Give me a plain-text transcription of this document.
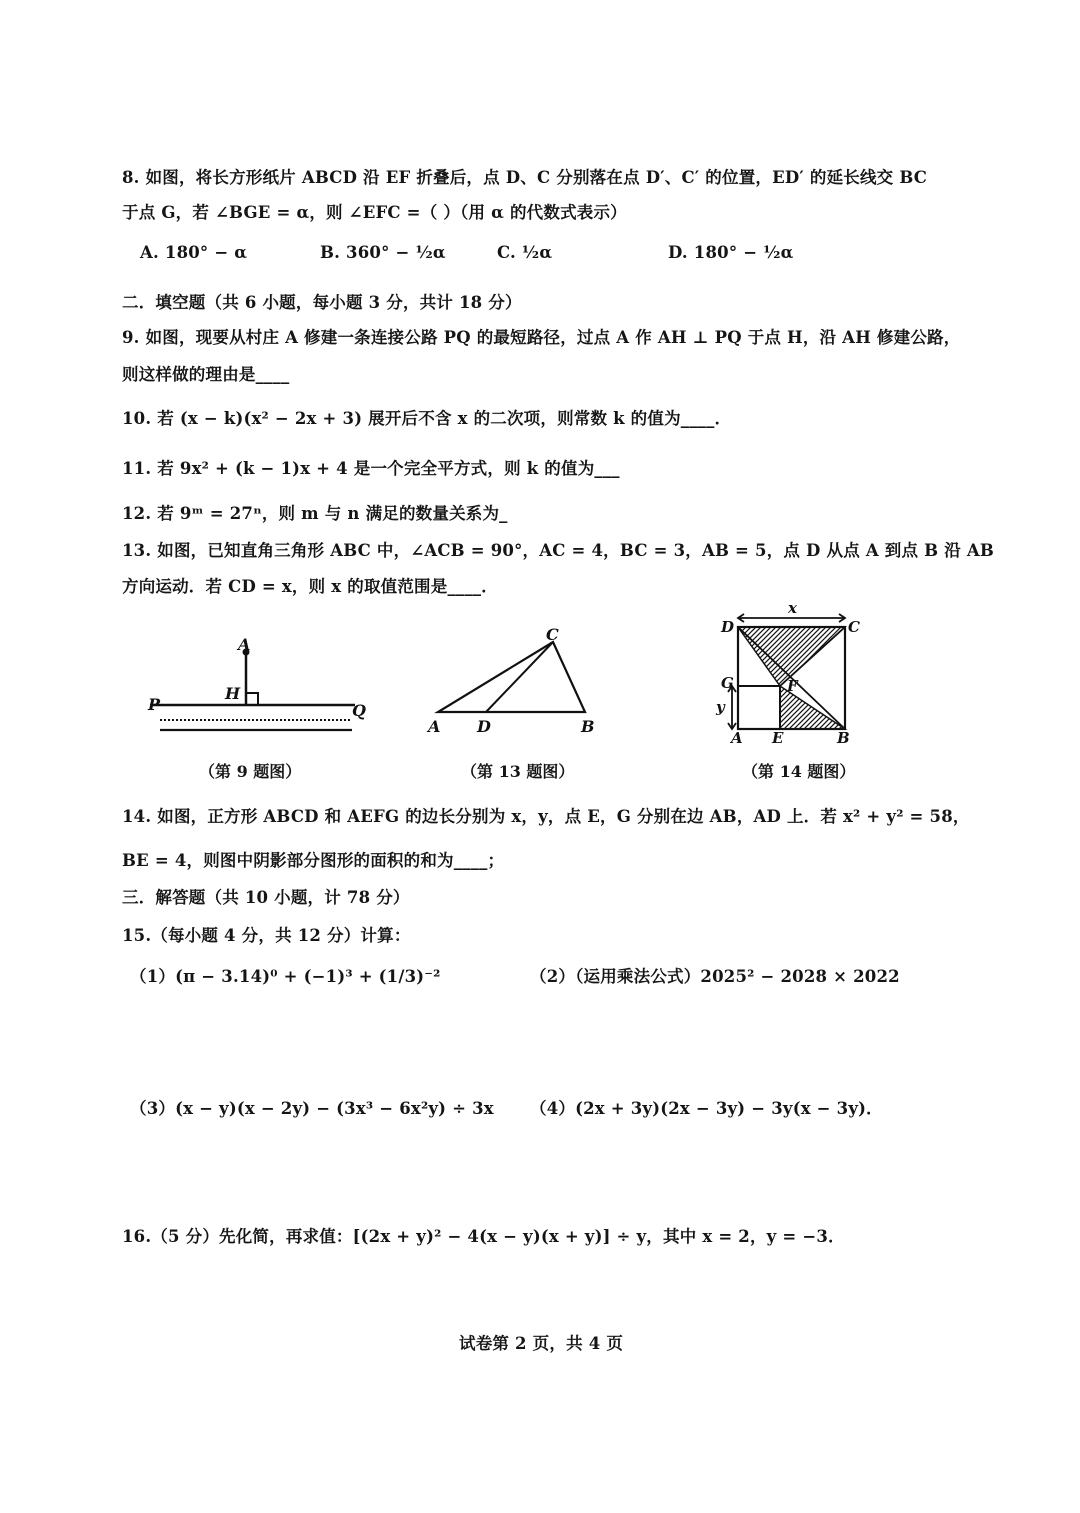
8. 如图，将长方形纸片 ABCD 沿 EF 折叠后，点 D、C 分别落在点 D′、C′ 的位置，ED′ 的延长线交 BC
于点 G，若 ∠BGE = α，则 ∠EFC =（ ）（用 α 的代数式表示）
A. 180° − α	B. 360° − ½α	C. ½α	D. 180° − ½α
二．填空题（共 6 小题，每小题 3 分，共计 18 分）
9. 如图，现要从村庄 A 修建一条连接公路 PQ 的最短路径，过点 A 作 AH ⊥ PQ 于点 H，沿 AH 修建公路，
则这样做的理由是____
10. 若 (x − k)(x² − 2x + 3) 展开后不含 x 的二次项，则常数 k 的值为____．
11. 若 9x² + (k − 1)x + 4 是一个完全平方式，则 k 的值为___
12. 若 9ᵐ = 27ⁿ，则 m 与 n 满足的数量关系为_
13. 如图，已知直角三角形 ABC 中，∠ACB = 90°，AC = 4，BC = 3，AB = 5，点 D 从点 A 到点 B 沿 AB
方向运动．若 CD = x，则 x 的取值范围是____．
A
H
P	Q
（第 9 题图）
A D	B
C
（第 13 题图）
x
y
D	C
G	F
A E	B
（第 14 题图）
14. 如图，正方形 ABCD 和 AEFG 的边长分别为 x，y，点 E，G 分别在边 AB，AD 上．若 x² + y² = 58，
BE = 4，则图中阴影部分图形的面积的和为____；
三．解答题（共 10 小题，计 78 分）
15.（每小题 4 分，共 12 分）计算：
（1）(π − 3.14)⁰ + (−1)³ + (1/3)⁻²	（2）（运用乘法公式）2025² − 2028 × 2022
（3）(x − y)(x − 2y) − (3x³ − 6x²y) ÷ 3x （4）(2x + 3y)(2x − 3y) − 3y(x − 3y)．
16.（5 分）先化简，再求值：[(2x + y)² − 4(x − y)(x + y)] ÷ y，其中 x = 2，y = −3．
试卷第 2 页，共 4 页
